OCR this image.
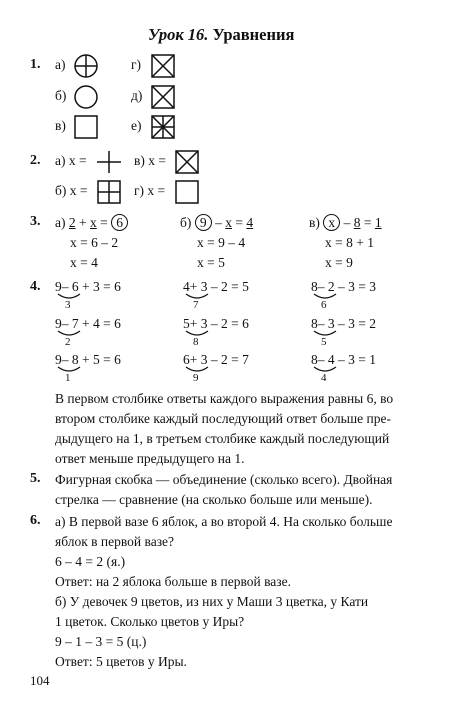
Урок 16. Уравнения
1. а)
б)
в)
г)
д)
е)
2. а) x =
б) x =
в) x =
г) x =
3. а) 2 + x = 6
x = 6 – 2
x = 4
б) 9 – x = 4
x = 9 – 4
x = 5
в) x – 8 = 1
x = 8 + 1
x = 9
4. 9– 6 + 3 = 6
3
9– 7 + 4 = 6
2
9– 8 + 5 = 6
1
4+ 3 – 2 = 5
7
5+ 3 – 2 = 6
8
6+ 3 – 2 = 7
9
8– 2 – 3 = 3
6
8– 3 – 3 = 2
5
8– 4 – 3 = 1
4
В первом столбике ответы каждого выражения равны 6, во
втором столбике каждый последующий ответ больше пре-
дыдущего на 1, в третьем столбике каждый последующий
ответ меньше предыдущего на 1.
5. Фигурная скобка — объединение (сколько всего). Двойная
стрелка — сравнение (на сколько больше или меньше).
6. а) В первой вазе 6 яблок, а во второй 4. На сколько больше
яблок в первой вазе?
6 – 4 = 2 (я.)
Ответ: на 2 яблока больше в первой вазе.
б) У девочек 9 цветов, из них у Маши 3 цветка, у Кати
1 цветок. Сколько цветов у Иры?
9 – 1 – 3 = 5 (ц.)
Ответ: 5 цветов у Иры.
104
